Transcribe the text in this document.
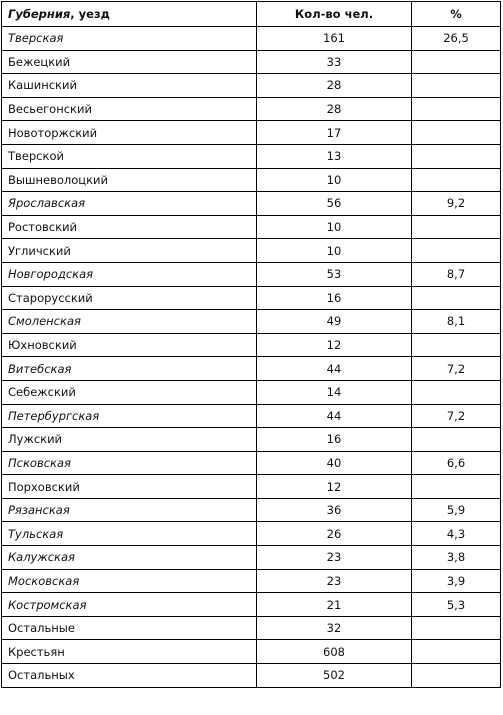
Губерния, уезд	Кол-во чел.	%
Тверская	161	26,5
Бежецкий	33	
Кашинский	28	
Весьегонский	28	
Новоторжский	17	
Тверской	13	
Вышневолоцкий	10	
Ярославская	56	9,2
Ростовский	10	
Угличский	10	
Новгородская	53	8,7
Старорусский	16	
Смоленская	49	8,1
Юхновский	12	
Витебская	44	7,2
Себежский	14	
Петербургская	44	7,2
Лужский	16	
Псковская	40	6,6
Порховский	12	
Рязанская	36	5,9
Тульская	26	4,3
Калужская	23	3,8
Московская	23	3,9
Костромская	21	5,3
Остальные	32	
Крестьян	608	
Остальных	502	
